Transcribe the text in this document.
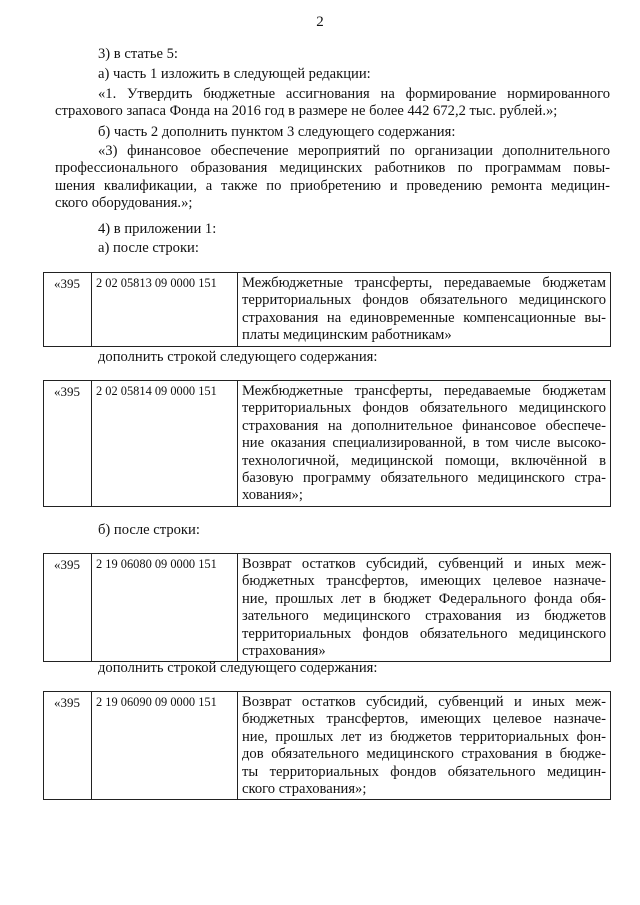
2
3) в статье 5:
а) часть 1 изложить в следующей редакции:
«1. Утвердить бюджетные ассигнования на формирование нормированного
страхового запаса Фонда на 2016 год в размере не более 442 672,2 тыс. рублей.»;
б) часть 2 дополнить пунктом 3 следующего содержания:
«3) финансовое обеспечение мероприятий по организации дополнительного
профессионального образования медицинских работников по программам повы-
шения квалификации, а также по приобретению и проведению ремонта медицин-
ского оборудования.»;
4) в приложении 1:
а) после строки:
«395	2 02 05813 09 0000 151	Межбюджетные трансферты, передаваемые бюджетам
территориальных фондов обязательного медицинского
страхования на единовременные компенсационные вы-
платы медицинским работникам»
дополнить строкой следующего содержания:
«395	2 02 05814 09 0000 151	Межбюджетные трансферты, передаваемые бюджетам
территориальных фондов обязательного медицинского
страхования на дополнительное финансовое обеспече-
ние оказания специализированной, в том числе высоко-
технологичной, медицинской помощи, включённой в
базовую программу обязательного медицинского стра-
хования»;
б) после строки:
«395	2 19 06080 09 0000 151	Возврат остатков субсидий, субвенций и иных меж-
бюджетных трансфертов, имеющих целевое назначе-
ние, прошлых лет в бюджет Федерального фонда обя-
зательного медицинского страхования из бюджетов
территориальных фондов обязательного медицинского
страхования»
дополнить строкой следующего содержания:
«395	2 19 06090 09 0000 151	Возврат остатков субсидий, субвенций и иных меж-
бюджетных трансфертов, имеющих целевое назначе-
ние, прошлых лет из бюджетов территориальных фон-
дов обязательного медицинского страхования в бюдже-
ты территориальных фондов обязательного медицин-
ского страхования»;
